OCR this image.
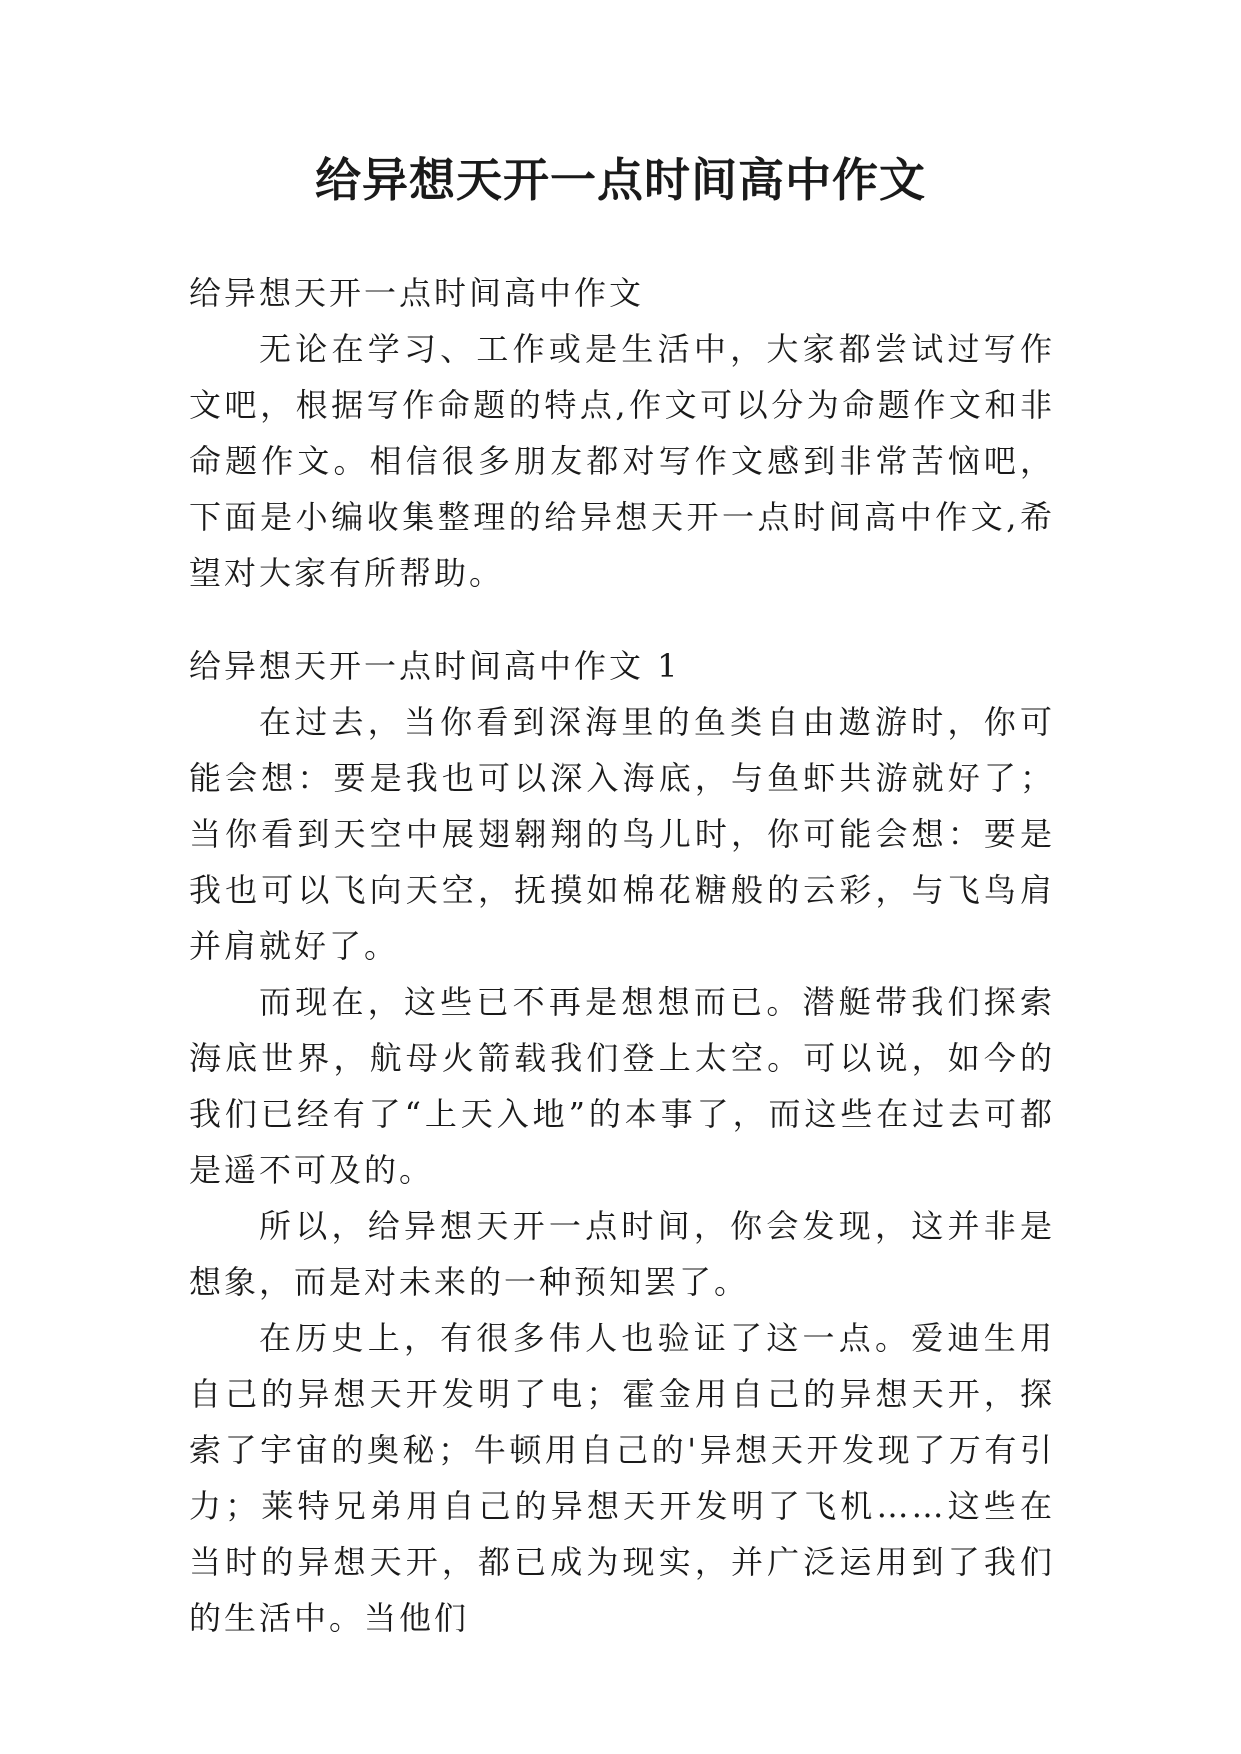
给异想天开一点时间高中作文

给异想天开一点时间高中作文

无论在学习、工作或是生活中，大家都尝试过写作文吧，根据写作命题的特点,作文可以分为命题作文和非命题作文。相信很多朋友都对写作文感到非常苦恼吧，下面是小编收集整理的给异想天开一点时间高中作文,希望对大家有所帮助。

给异想天开一点时间高中作文 1

在过去，当你看到深海里的鱼类自由遨游时，你可能会想：要是我也可以深入海底，与鱼虾共游就好了；当你看到天空中展翅翱翔的鸟儿时，你可能会想：要是我也可以飞向天空，抚摸如棉花糖般的云彩，与飞鸟肩并肩就好了。

而现在，这些已不再是想想而已。潜艇带我们探索海底世界，航母火箭载我们登上太空。可以说，如今的我们已经有了“上天入地”的本事了，而这些在过去可都是遥不可及的。

所以，给异想天开一点时间，你会发现，这并非是想象，而是对未来的一种预知罢了。

在历史上，有很多伟人也验证了这一点。爱迪生用自己的异想天开发明了电；霍金用自己的异想天开，探索了宇宙的奥秘；牛顿用自己的'异想天开发现了万有引力；莱特兄弟用自己的异想天开发明了飞机……这些在当时的异想天开，都已成为现实，并广泛运用到了我们的生活中。当他们
